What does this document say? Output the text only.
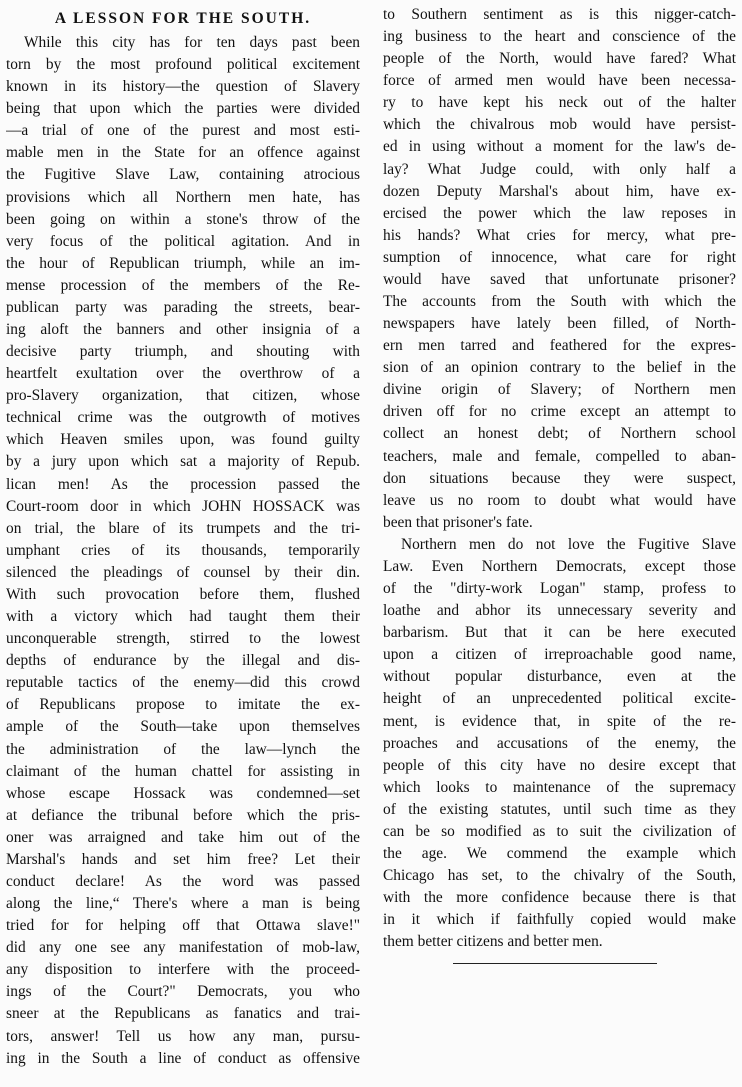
A LESSON FOR THE SOUTH.
While this city has for ten days past been
torn by the most profound political excitement
known in its history—the question of Slavery
being that upon which the parties were divided
—a trial of one of the purest and most esti-
mable men in the State for an offence against
the Fugitive Slave Law, containing atrocious
provisions which all Northern men hate, has
been going on within a stone's throw of the
very focus of the political agitation. And in
the hour of Republican triumph, while an im-
mense procession of the members of the Re-
publican party was parading the streets, bear-
ing aloft the banners and other insignia of a
decisive party triumph, and shouting with
heartfelt exultation over the overthrow of a
pro-Slavery organization, that citizen, whose
technical crime was the outgrowth of motives
which Heaven smiles upon, was found guilty
by a jury upon which sat a majority of Repub.
lican men! As the procession passed the
Court-room door in which JOHN HOSSACK was
on trial, the blare of its trumpets and the tri-
umphant cries of its thousands, temporarily
silenced the pleadings of counsel by their din.
With such provocation before them, flushed
with a victory which had taught them their
unconquerable strength, stirred to the lowest
depths of endurance by the illegal and dis-
reputable tactics of the enemy—did this crowd
of Republicans propose to imitate the ex-
ample of the South—take upon themselves
the administration of the law—lynch the
claimant of the human chattel for assisting in
whose escape Hossack was condemned—set
at defiance the tribunal before which the pris-
oner was arraigned and take him out of the
Marshal's hands and set him free? Let their
conduct declare! As the word was passed
along the line,“ There's where a man is being
tried for for helping off that Ottawa slave!"
did any one see any manifestation of mob-law,
any disposition to interfere with the proceed-
ings of the Court?" Democrats, you who
sneer at the Republicans as fanatics and trai-
tors, answer! Tell us how any man, pursu-
ing in the South a line of conduct as offensive
to Southern sentiment as is this nigger-catch-
ing business to the heart and conscience of the
people of the North, would have fared? What
force of armed men would have been necessa-
ry to have kept his neck out of the halter
which the chivalrous mob would have persist-
ed in using without a moment for the law's de-
lay? What Judge could, with only half a
dozen Deputy Marshal's about him, have ex-
ercised the power which the law reposes in
his hands? What cries for mercy, what pre-
sumption of innocence, what care for right
would have saved that unfortunate prisoner?
The accounts from the South with which the
newspapers have lately been filled, of North-
ern men tarred and feathered for the expres-
sion of an opinion contrary to the belief in the
divine origin of Slavery; of Northern men
driven off for no crime except an attempt to
collect an honest debt; of Northern school
teachers, male and female, compelled to aban-
don situations because they were suspect,
leave us no room to doubt what would have
been that prisoner's fate.
Northern men do not love the Fugitive Slave
Law. Even Northern Democrats, except those
of the "dirty-work Logan" stamp, profess to
loathe and abhor its unnecessary severity and
barbarism. But that it can be here executed
upon a citizen of irreproachable good name,
without popular disturbance, even at the
height of an unprecedented political excite-
ment, is evidence that, in spite of the re-
proaches and accusations of the enemy, the
people of this city have no desire except that
which looks to maintenance of the supremacy
of the existing statutes, until such time as they
can be so modified as to suit the civilization of
the age. We commend the example which
Chicago has set, to the chivalry of the South,
with the more confidence because there is that
in it which if faithfully copied would make
them better citizens and better men.
